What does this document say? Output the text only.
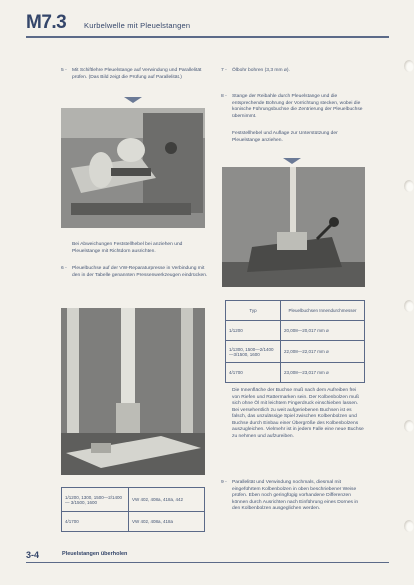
M7.3 Kurbelwelle mit Pleuelstangen
5 - Mit Schiftlehre Pleuelstange auf Verwindung und Parallelität prüfen. (Das Bild zeigt die Prüfung auf Parallelität.)
Bei Abweichungen Feststellhebel bei anziehen und Pleuelstange mit Richtdorn ausrichten.
6 - Pleuelbuchse auf der VW-Reparaturpresse in Verbindung mit den in der Tabelle genannten Pressenwerkzeugen eindrücken.
1/1200, 1300, 1500—2/1400 — 3/1500, 1600	VW 402, 408a, 418a, 442
4/1700	VW 402, 408a, 418a
7 - Ölbohr bohren (3,3 mm ø).
8 - Stange der Reibahle durch Pleuelstange und die entsprechende Bohrung der Vorrichtung stecken, wobei die konische Führungsbuchse die Zentrierung der Pleuelbuchse übernimmt.
Feststellhebel und Auflage zur Unterstützung der Pleuelstange anziehen.
Typ	Pleuelbuchsen Innendurchmesser
1/1200	20,008—20,017 mm ø
1/1300, 1500—2/1400—3/1500, 1600	22,008—22,017 mm ø
4/1700	23,008—23,017 mm ø
Die Innenfläche der Buchse muß nach dem Aufreiben frei von Riefen und Rattermarken sein. Der Kolbenbolzen muß sich ohne Öl mit leichtem Fingerdruck einschieben lassen. Bei versehentlich zu weit aufgeriebenen Buchsen ist es falsch, das unzulässige Spiel zwischen Kolbenbolzen und Buchse durch Einbau einer Übergröße des Kolbenbolzens auszugleichen. Vielmehr ist in jedem Falle eine neue Buchse zu nehmen und aufzureiben.
9 - Parallelität und Verwindung nochmals, diesmal mit eingeführtem Kolbenbolzen in oben beschriebener Weise prüfen. Eben noch geringfügig vorhandene Differenzen können durch Ausrichten nach Einführung eines Dornes in den Kolbenbolzen ausgeglichen werden.
3-4	Pleuelstangen überholen
